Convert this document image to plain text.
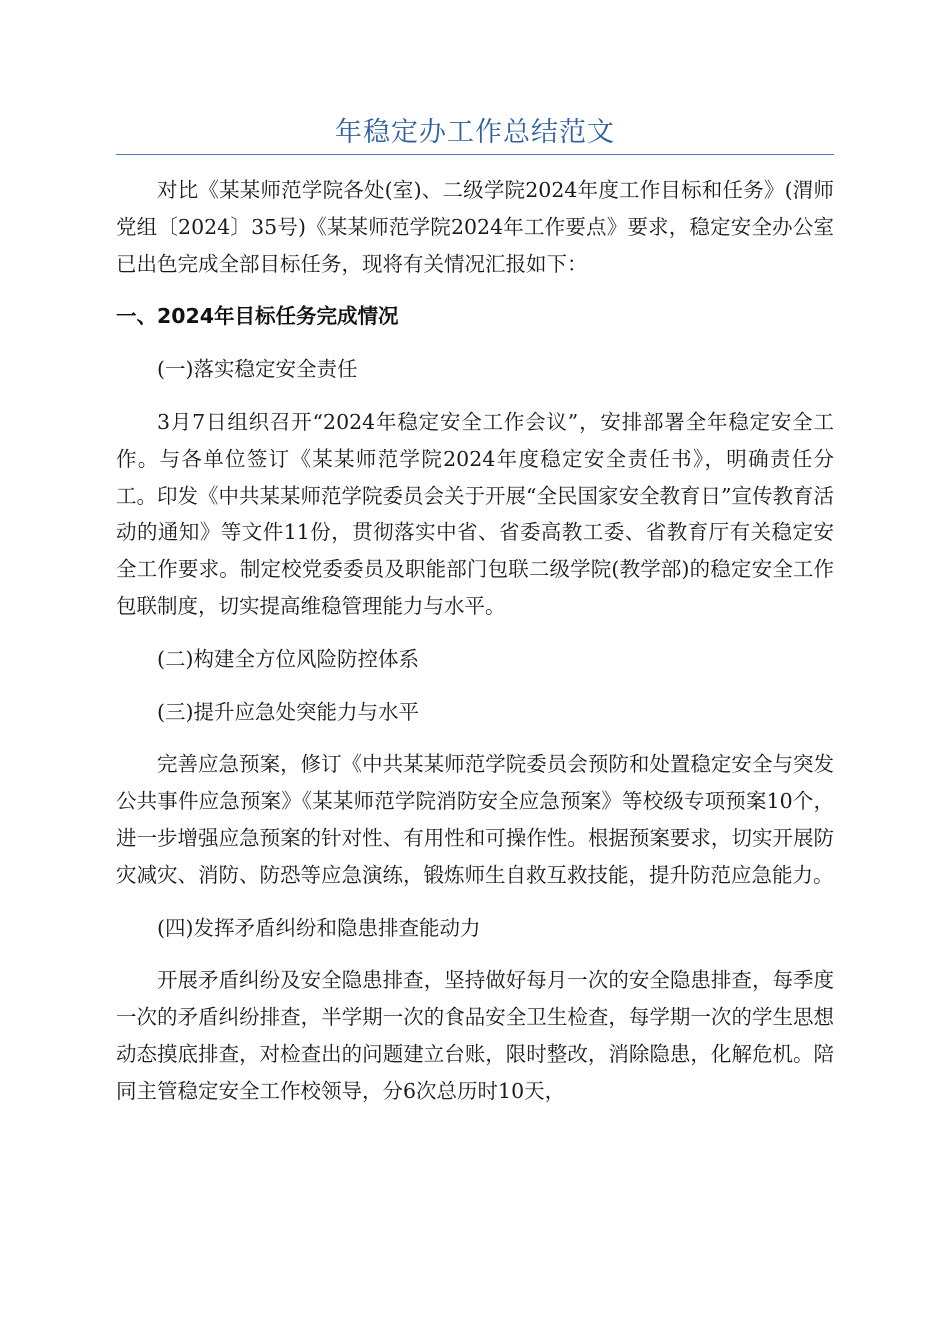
年稳定办工作总结范文

对比《某某师范学院各处(室)、二级学院2024年度工作目标和任务》(渭师党组〔2024〕35号)《某某师范学院2024年工作要点》要求，稳定安全办公室已出色完成全部目标任务，现将有关情况汇报如下：

一、2024年目标任务完成情况

(一)落实稳定安全责任

3月7日组织召开“2024年稳定安全工作会议”，安排部署全年稳定安全工作。与各单位签订《某某师范学院2024年度稳定安全责任书》，明确责任分工。印发《中共某某师范学院委员会关于开展“全民国家安全教育日”宣传教育活动的通知》等文件11份，贯彻落实中省、省委高教工委、省教育厅有关稳定安全工作要求。制定校党委委员及职能部门包联二级学院(教学部)的稳定安全工作包联制度，切实提高维稳管理能力与水平。

(二)构建全方位风险防控体系

(三)提升应急处突能力与水平

完善应急预案，修订《中共某某师范学院委员会预防和处置稳定安全与突发公共事件应急预案》《某某师范学院消防安全应急预案》等校级专项预案10个，进一步增强应急预案的针对性、有用性和可操作性。根据预案要求，切实开展防灾减灾、消防、防恐等应急演练，锻炼师生自救互救技能，提升防范应急能力。

(四)发挥矛盾纠纷和隐患排查能动力

开展矛盾纠纷及安全隐患排查，坚持做好每月一次的安全隐患排查，每季度一次的矛盾纠纷排查，半学期一次的食品安全卫生检查，每学期一次的学生思想动态摸底排查，对检查出的问题建立台账，限时整改，消除隐患，化解危机。陪同主管稳定安全工作校领导，分6次总历时10天，
